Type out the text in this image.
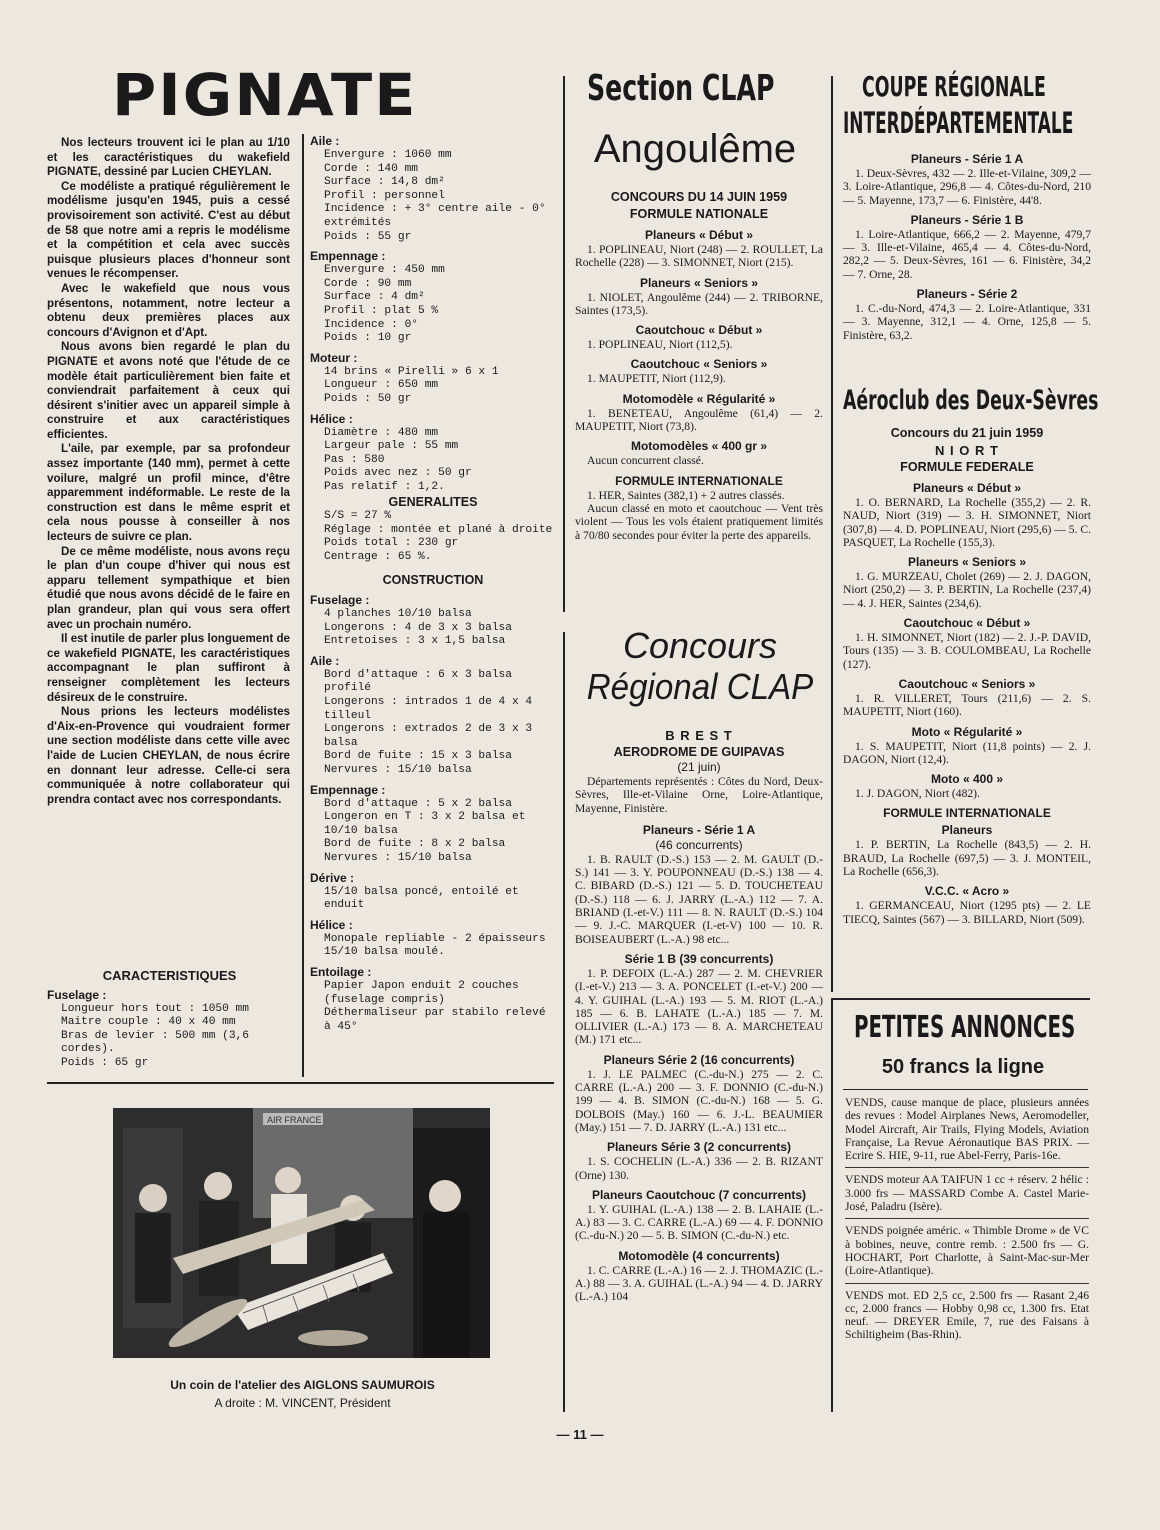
PIGNATE

Nos lecteurs trouvent ici le plan au 1/10 et les caractéristiques du wakefield PIGNATE, dessiné par Lucien CHEYLAN.

Ce modéliste a pratiqué régulièrement le modélisme jusqu'en 1945, puis a cessé provisoirement son activité. C'est au début de 58 que notre ami a repris le modélisme et la compétition et cela avec succès puisque plusieurs places d'honneur sont venues le récompenser.

Avec le wakefield que nous vous présentons, notamment, notre lecteur a obtenu deux premières places aux concours d'Avignon et d'Apt.

Nous avons bien regardé le plan du PIGNATE et avons noté que l'étude de ce modèle était particulièrement bien faite et conviendrait parfaitement à ceux qui désirent s'initier avec un appareil simple à construire et aux caractéristiques efficientes.

L'aile, par exemple, par sa profondeur assez importante (140 mm), permet à cette voilure, malgré un profil mince, d'être apparemment indéformable. Le reste de la construction est dans le même esprit et cela nous pousse à conseiller à nos lecteurs de suivre ce plan.

De ce même modéliste, nous avons reçu le plan d'un coupe d'hiver qui nous est apparu tellement sympathique et bien étudié que nous avons décidé de le faire en plan grandeur, plan qui vous sera offert avec un prochain numéro.

Il est inutile de parler plus longuement de ce wakefield PIGNATE, les caractéristiques accompagnant le plan suffiront à renseigner complètement les lecteurs désireux de le construire.

Nous prions les lecteurs modélistes d'Aix-en-Provence qui voudraient former une section modéliste dans cette ville avec l'aide de Lucien CHEYLAN, de nous écrire en donnant leur adresse. Celle-ci sera communiquée à notre collaborateur qui prendra contact avec nos correspondants.

CARACTERISTIQUES
Fuselage :
Longueur hors tout : 1050 mm
Maitre couple : 40 x 40 mm
Bras de levier : 500 mm (3,6 cordes).
Poids : 65 gr
Aile :
Envergure : 1060 mm
Corde : 140 mm
Surface : 14,8 dm²
Profil : personnel
Incidence : + 3° centre aile - 0° extrémités
Poids : 55 gr
Empennage :
Envergure : 450 mm
Corde : 90 mm
Surface : 4 dm²
Profil : plat 5 %
Incidence : 0°
Poids : 10 gr
Moteur :
14 brins « Pirelli » 6 x 1
Longueur : 650 mm
Poids : 50 gr
Hélice :
Diamètre : 480 mm
Largeur pale : 55 mm
Pas : 580
Poids avec nez : 50 gr
Pas relatif : 1,2.
GENERALITES
S/S = 27 %
Réglage : montée et plané à droite
Poids total : 230 gr
Centrage : 65 %.
CONSTRUCTION
Fuselage :
4 planches 10/10 balsa
Longerons : 4 de 3 x 3 balsa
Entretoises : 3 x 1,5 balsa
Aile :
Bord d'attaque : 6 x 3 balsa profilé
Longerons : intrados 1 de 4 x 4 tilleul
Longerons : extrados 2 de 3 x 3 balsa
Bord de fuite : 15 x 3 balsa
Nervures : 15/10 balsa
Empennage :
Bord d'attaque : 5 x 2 balsa
Longeron en T : 3 x 2 balsa et 10/10 balsa
Bord de fuite : 8 x 2 balsa
Nervures : 15/10 balsa
Dérive :
15/10 balsa poncé, entoilé et enduit
Hélice :
Monopale repliable - 2 épaisseurs 15/10 balsa moulé.
Entoilage :
Papier Japon enduit 2 couches (fuselage compris)
Déthermaliseur par stabilo relevé à 45°
AIR FRANCE
Un coin de l'atelier des AIGLONS SAUMUROIS
A droite : M. VINCENT, Président
Section CLAP
Angoulême
CONCOURS DU 14 JUIN 1959
FORMULE NATIONALE
Planeurs « Début »
1. POPLINEAU, Niort (248) — 2. ROULLET, La Rochelle (228) — 3. SIMONNET, Niort (215).
Planeurs « Seniors »
1. NIOLET, Angoulême (244) — 2. TRIBORNE, Saintes (173,5).
Caoutchouc « Début »
1. POPLINEAU, Niort (112,5).
Caoutchouc « Seniors »
1. MAUPETIT, Niort (112,9).
Motomodèle « Régularité »
1. BENETEAU, Angoulême (61,4) — 2. MAUPETIT, Niort (73,8).
Motomodèles « 400 gr »
Aucun concurrent classé.
FORMULE INTERNATIONALE
1. HER, Saintes (382,1) + 2 autres classés.
Aucun classé en moto et caoutchouc — Vent très violent — Tous les vols étaient pratiquement limités à 70/80 secondes pour éviter la perte des appareils.
Concours
Régional CLAP
B R E S T
AERODROME DE GUIPAVAS
(21 juin)
Départements représentés : Côtes du Nord, Deux-Sèvres, Ille-et-Vilaine Orne, Loire-Atlantique, Mayenne, Finistère.
Planeurs - Série 1 A
(46 concurrents)
1. B. RAULT (D.-S.) 153 — 2. M. GAULT (D.-S.) 141 — 3. Y. POUPONNEAU (D.-S.) 138 — 4. C. BIBARD (D.-S.) 121 — 5. D. TOUCHETEAU (D.-S.) 118 — 6. J. JARRY (L.-A.) 112 — 7. A. BRIAND (I.-et-V.) 111 — 8. N. RAULT (D.-S.) 104 — 9. J.-C. MARQUER (I.-et-V) 100 — 10. R. BOISEAUBERT (L.-A.) 98 etc...
Série 1 B (39 concurrents)
1. P. DEFOIX (L.-A.) 287 — 2. M. CHEVRIER (I.-et-V.) 213 — 3. A. PONCELET (I.-et-V.) 200 — 4. Y. GUIHAL (L.-A.) 193 — 5. M. RIOT (L.-A.) 185 — 6. B. LAHATE (L.-A.) 185 — 7. M. OLLIVIER (L.-A.) 173 — 8. A. MARCHETEAU (M.) 171 etc...
Planeurs Série 2 (16 concurrents)
1. J. LE PALMEC (C.-du-N.) 275 — 2. C. CARRE (L.-A.) 200 — 3. F. DONNIO (C.-du-N.) 199 — 4. B. SIMON (C.-du-N.) 168 — 5. G. DOLBOIS (May.) 160 — 6. J.-L. BEAUMIER (May.) 151 — 7. D. JARRY (L.-A.) 131 etc...
Planeurs Série 3 (2 concurrents)
1. S. COCHELIN (L.-A.) 336 — 2. B. RIZANT (Orne) 130.
Planeurs Caoutchouc (7 concurrents)
1. Y. GUIHAL (L.-A.) 138 — 2. B. LAHAIE (L.-A.) 83 — 3. C. CARRE (L.-A.) 69 — 4. F. DONNIO (C.-du-N.) 20 — 5. B. SIMON (C.-du-N.) etc.
Motomodèle (4 concurrents)
1. C. CARRE (L.-A.) 16 — 2. J. THOMAZIC (L.-A.) 88 — 3. A. GUIHAL (L.-A.) 94 — 4. D. JARRY (L.-A.) 104
COUPE RÉGIONALE
INTERDÉPARTEMENTALE
Planeurs - Série 1 A
1. Deux-Sèvres, 432 — 2. Ille-et-Vilaine, 309,2 — 3. Loire-Atlantique, 296,8 — 4. Côtes-du-Nord, 210 — 5. Mayenne, 173,7 — 6. Finistère, 44'8.
Planeurs - Série 1 B
1. Loire-Atlantique, 666,2 — 2. Mayenne, 479,7 — 3. Ille-et-Vilaine, 465,4 — 4. Côtes-du-Nord, 282,2 — 5. Deux-Sèvres, 161 — 6. Finistère, 34,2 — 7. Orne, 28.
Planeurs - Série 2
1. C.-du-Nord, 474,3 — 2. Loire-Atlantique, 331 — 3. Mayenne, 312,1 — 4. Orne, 125,8 — 5. Finistère, 63,2.
Aéroclub des Deux-Sèvres
Concours du 21 juin 1959
N I O R T
FORMULE FEDERALE
Planeurs « Début »
1. O. BERNARD, La Rochelle (355,2) — 2. R. NAUD, Niort (319) — 3. H. SIMONNET, Niort (307,8) — 4. D. POPLINEAU, Niort (295,6) — 5. C. PASQUET, La Rochelle (155,3).
Planeurs « Seniors »
1. G. MURZEAU, Cholet (269) — 2. J. DAGON, Niort (250,2) — 3. P. BERTIN, La Rochelle (237,4) — 4. J. HER, Saintes (234,6).
Caoutchouc « Début »
1. H. SIMONNET, Niort (182) — 2. J.-P. DAVID, Tours (135) — 3. B. COULOMBEAU, La Rochelle (127).
Caoutchouc « Seniors »
1. R. VILLERET, Tours (211,6) — 2. S. MAUPETIT, Niort (160).
Moto « Régularité »
1. S. MAUPETIT, Niort (11,8 points) — 2. J. DAGON, Niort (12,4).
Moto « 400 »
1. J. DAGON, Niort (482).
FORMULE INTERNATIONALE
Planeurs
1. P. BERTIN, La Rochelle (843,5) — 2. H. BRAUD, La Rochelle (697,5) — 3. J. MONTEIL, La Rochelle (656,3).
V.C.C. « Acro »
1. GERMANCEAU, Niort (1295 pts) — 2. LE TIECQ, Saintes (567) — 3. BILLARD, Niort (509).
PETITES ANNONCES
50 francs la ligne
VENDS, cause manque de place, plusieurs années des revues : Model Airplanes News, Aeromodeller, Model Aircraft, Air Trails, Flying Models, Aviation Française, La Revue Aéronautique BAS PRIX. — Ecrire S. HIE, 9-11, rue Abel-Ferry, Paris-16e.
VENDS moteur AA TAIFUN 1 cc + réserv. 2 hélic : 3.000 frs — MASSARD Combe A. Castel Marie-José, Paladru (Isère).
VENDS poignée améric. « Thimble Drome » de VC à bobines, neuve, contre remb. : 2.500 frs — G. HOCHART, Port Charlotte, à Saint-Mac-sur-Mer (Loire-Atlantique).
VENDS mot. ED 2,5 cc, 2.500 frs — Rasant 2,46 cc, 2.000 francs — Hobby 0,98 cc, 1.300 frs. Etat neuf. — DREYER Emile, 7, rue des Faisans à Schiltigheim (Bas-Rhin).
— 11 —
